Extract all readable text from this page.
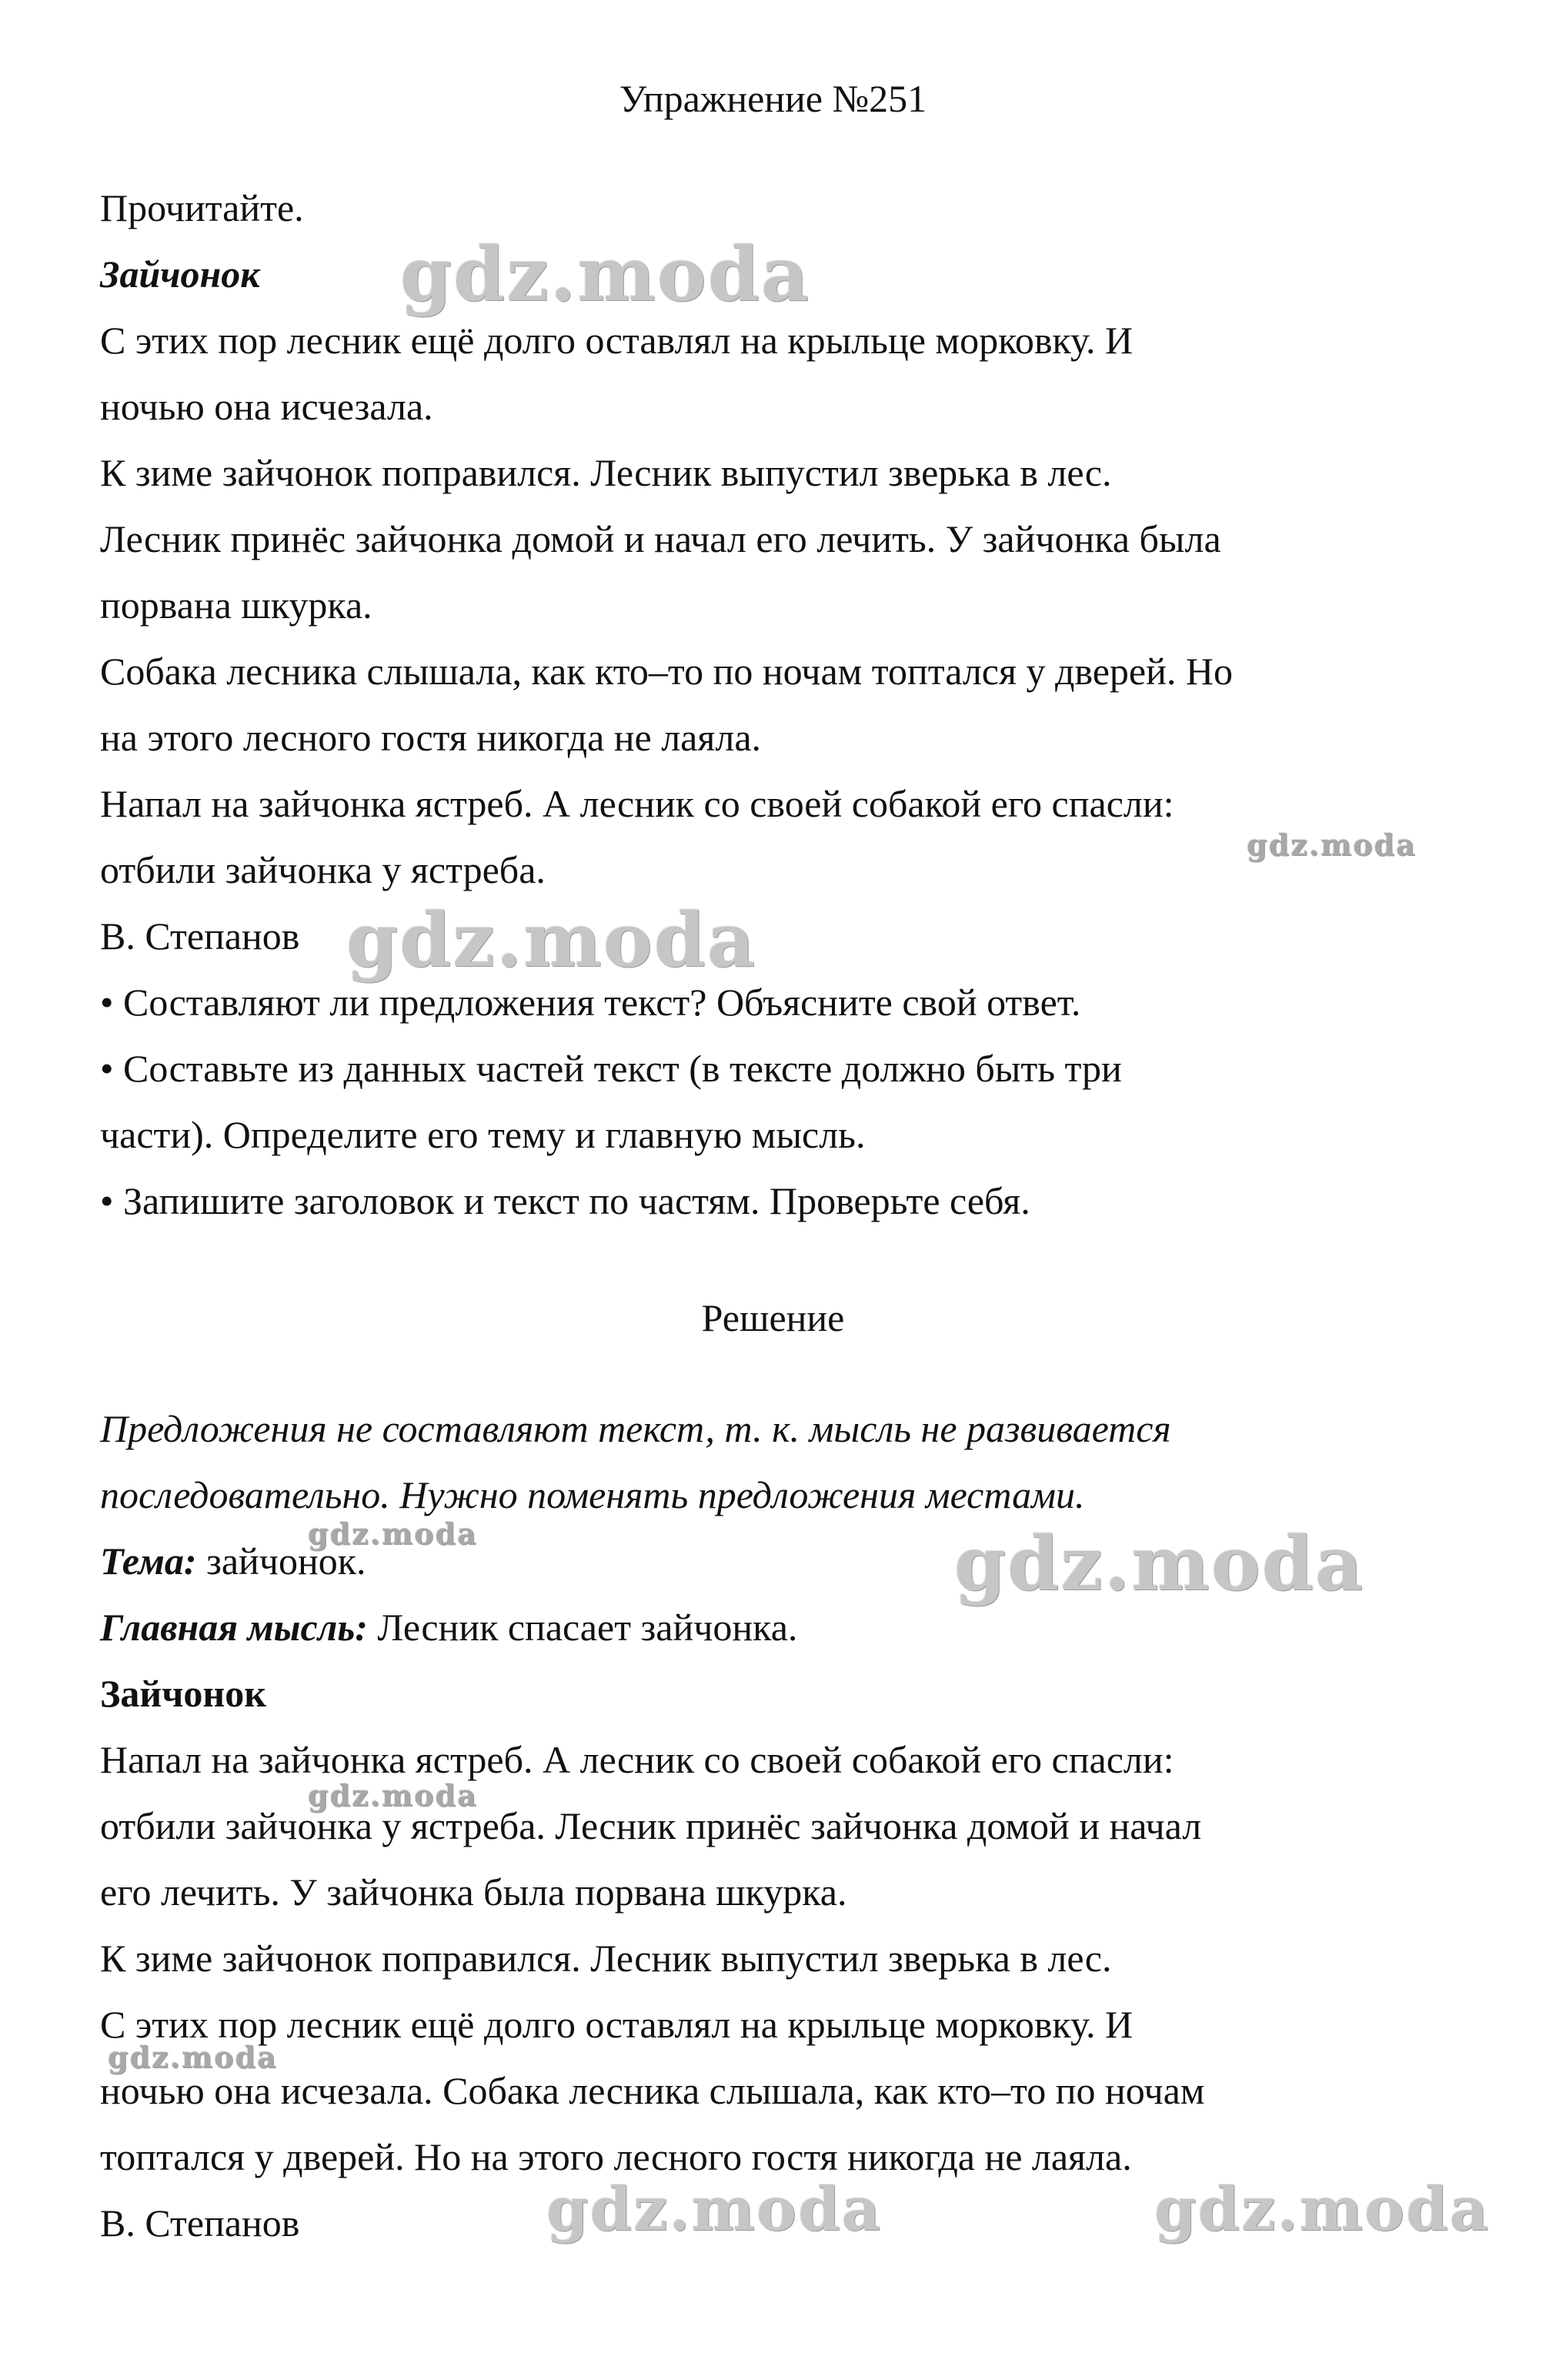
Упражнение №251
Прочитайте.
Зайчонок
С этих пор лесник ещё долго оставлял на крыльце морковку. И
ночью она исчезала.
К зиме зайчонок поправился. Лесник выпустил зверька в лес.
Лесник принёс зайчонка домой и начал его лечить. У зайчонка была
порвана шкурка.
Собака лесника слышала, как кто–то по ночам топтался у дверей. Но
на этого лесного гостя никогда не лаяла.
Напал на зайчонка ястреб. А лесник со своей собакой его спасли:
отбили зайчонка у ястреба.
В. Степанов
• Составляют ли предложения текст? Объясните свой ответ.
• Составьте из данных частей текст (в тексте должно быть три
части). Определите его тему и главную мысль.
• Запишите заголовок и текст по частям. Проверьте себя.
Решение
Предложения не составляют текст, т. к. мысль не развивается
последовательно. Нужно поменять предложения местами.
Тема: зайчонок.
Главная мысль: Лесник спасает зайчонка.
Зайчонок
Напал на зайчонка ястреб. А лесник со своей собакой его спасли:
отбили зайчонка у ястреба. Лесник принёс зайчонка домой и начал
его лечить. У зайчонка была порвана шкурка.
К зиме зайчонок поправился. Лесник выпустил зверька в лес.
С этих пор лесник ещё долго оставлял на крыльце морковку. И
ночью она исчезала. Собака лесника слышала, как кто–то по ночам
топтался у дверей. Но на этого лесного гостя никогда не лаяла.
В. Степанов
gdz.moda
gdz.moda
gdz.moda
gdz.moda	gdz.moda
gdz.moda
gdz.moda
gdz.moda	gdz.moda
